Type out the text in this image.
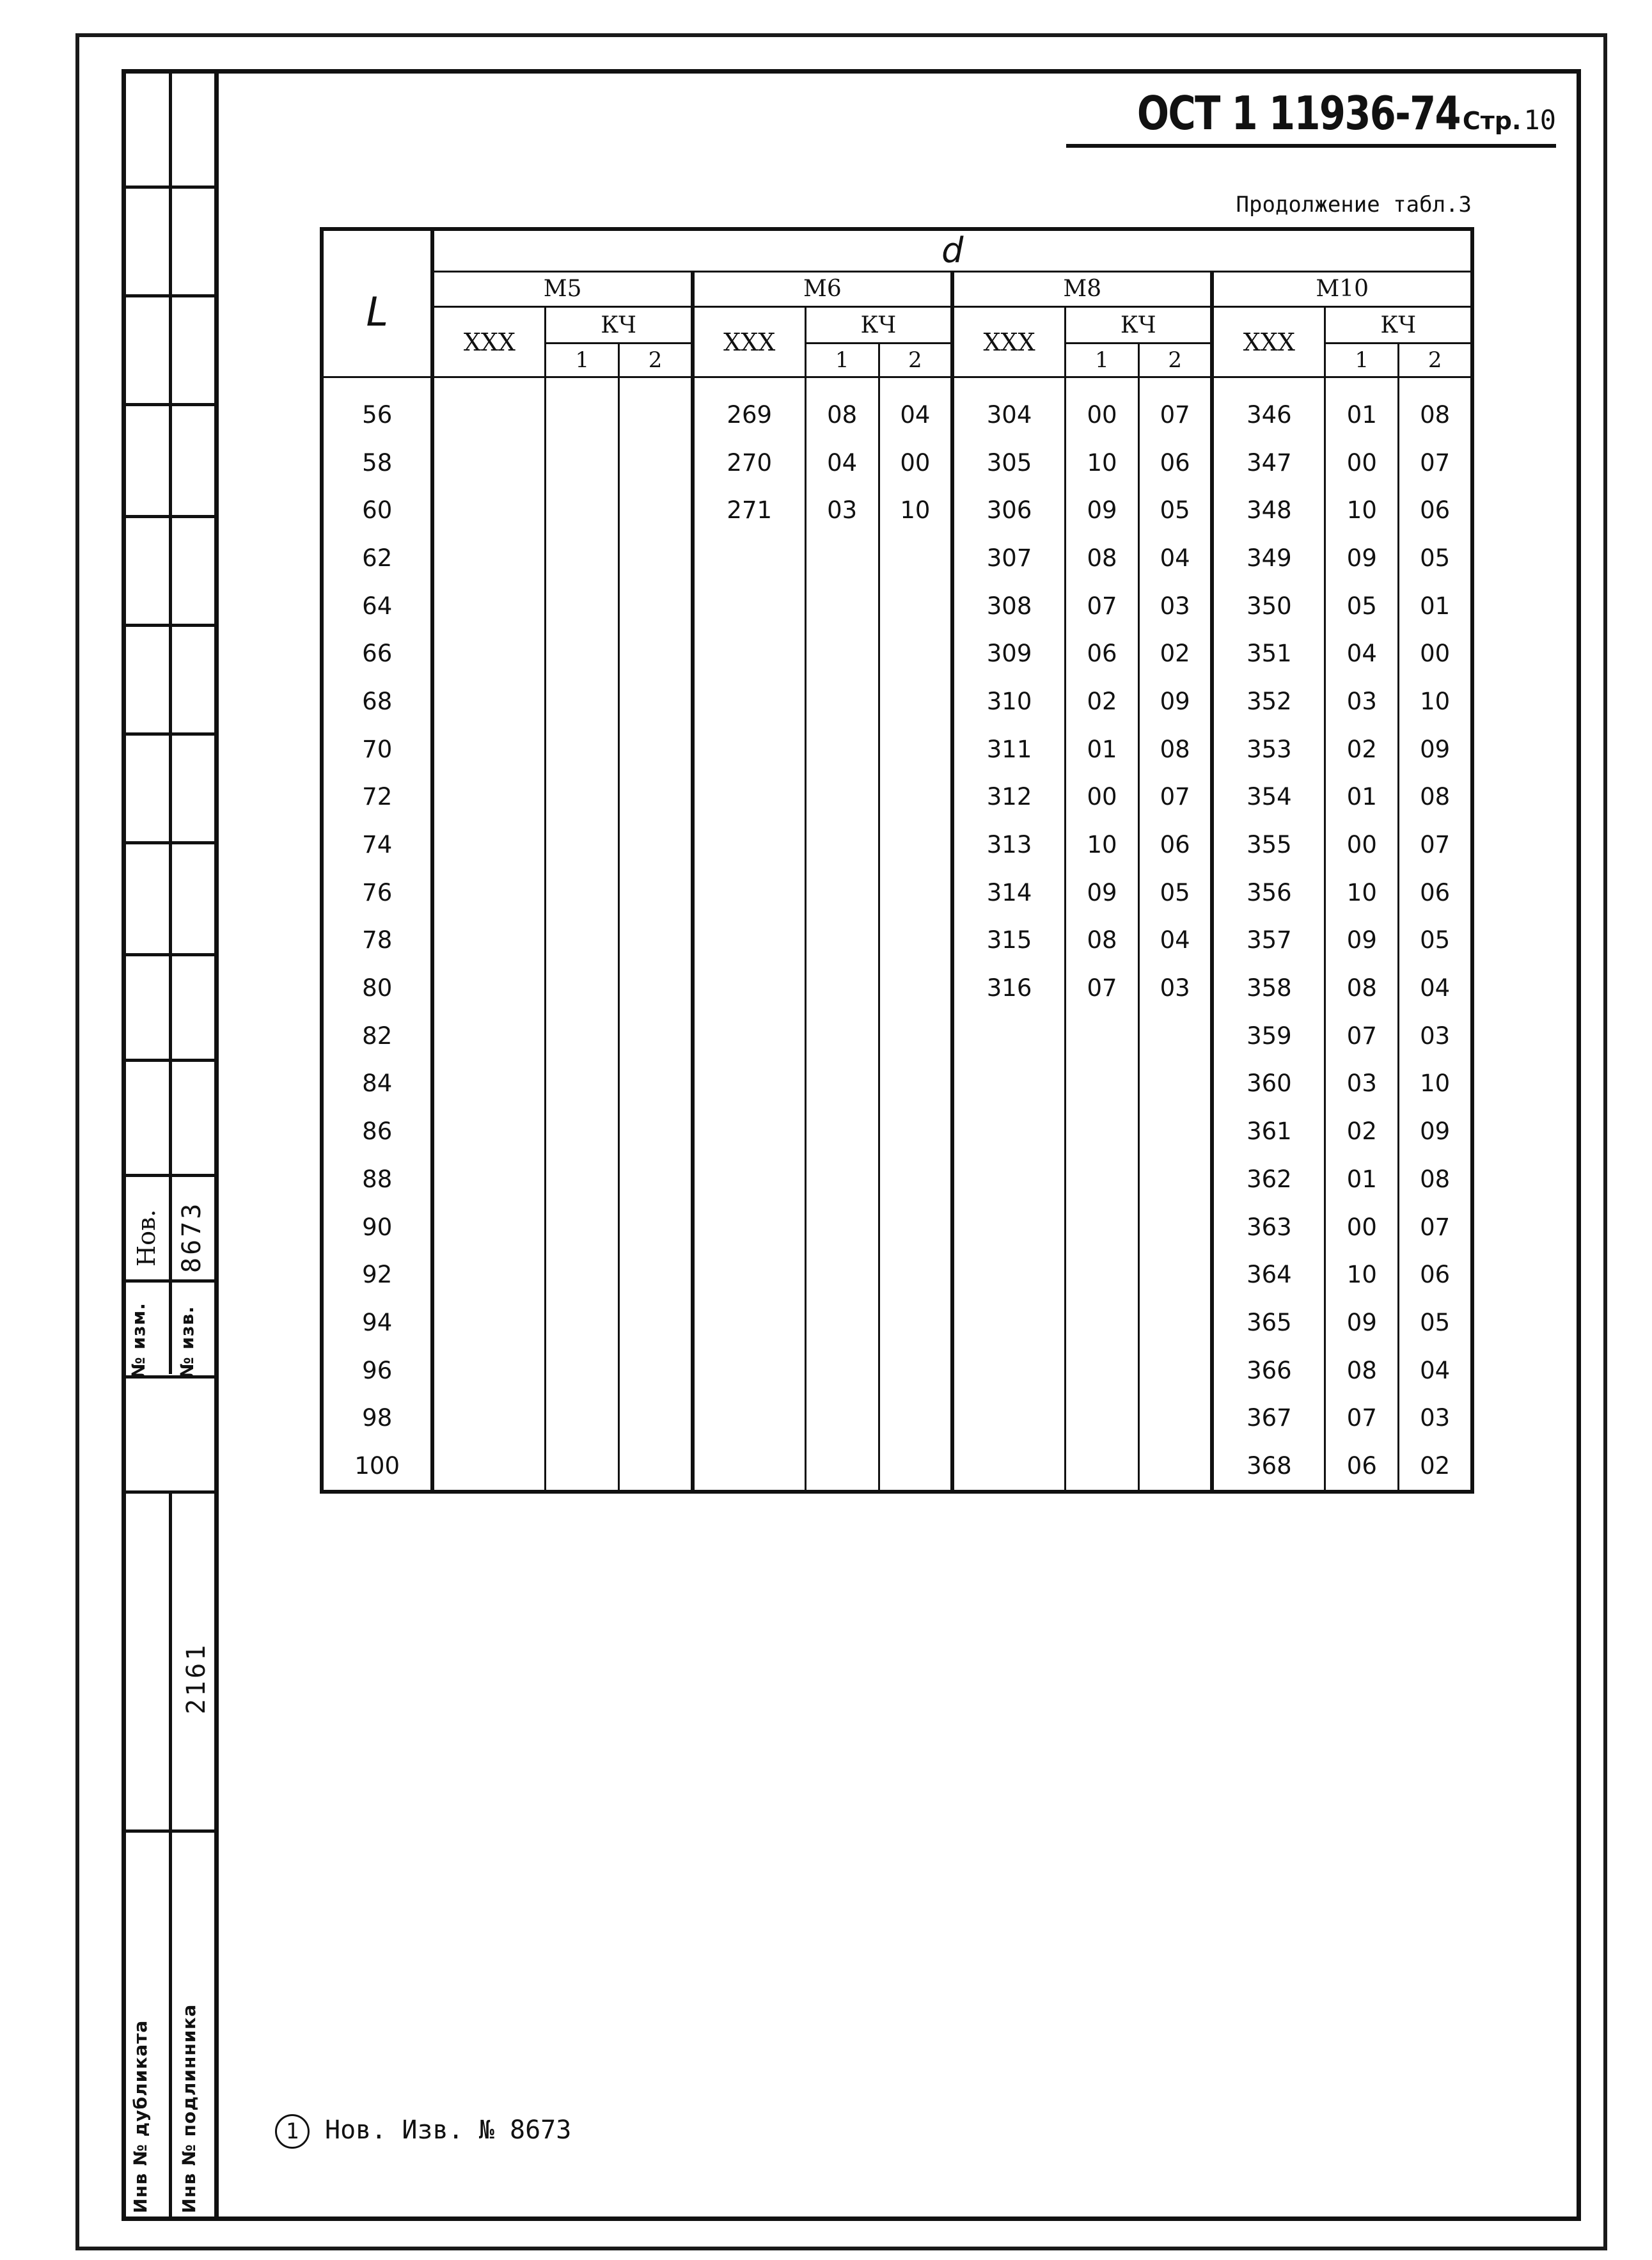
№ изм.
Нов.
№ изв.
8673
2161
Инв № дубликата Инв № подлинника
ОСТ 1 11936-74 Стр.10
Продолжение табл.3
L	d											
	М5			М6			М8			М10		
	ХХХ	КЧ		ХХХ	КЧ		ХХХ	КЧ		ХХХ	КЧ	
		1	2		1	2		1	2		1	2
56				269	08	04	304	00	07	346	01	08
58				270	04	00	305	10	06	347	00	07
60				271	03	10	306	09	05	348	10	06
62							307	08	04	349	09	05
64							308	07	03	350	05	01
66							309	06	02	351	04	00
68							310	02	09	352	03	10
70							311	01	08	353	02	09
72							312	00	07	354	01	08
74							313	10	06	355	00	07
76							314	09	05	356	10	06
78							315	08	04	357	09	05
80							316	07	03	358	08	04
82										359	07	03
84										360	03	10
86										361	02	09
88										362	01	08
90										363	00	07
92										364	10	06
94										365	09	05
96										366	08	04
98										367	07	03
100										368	06	02
1 Нов. Изв. № 8673
